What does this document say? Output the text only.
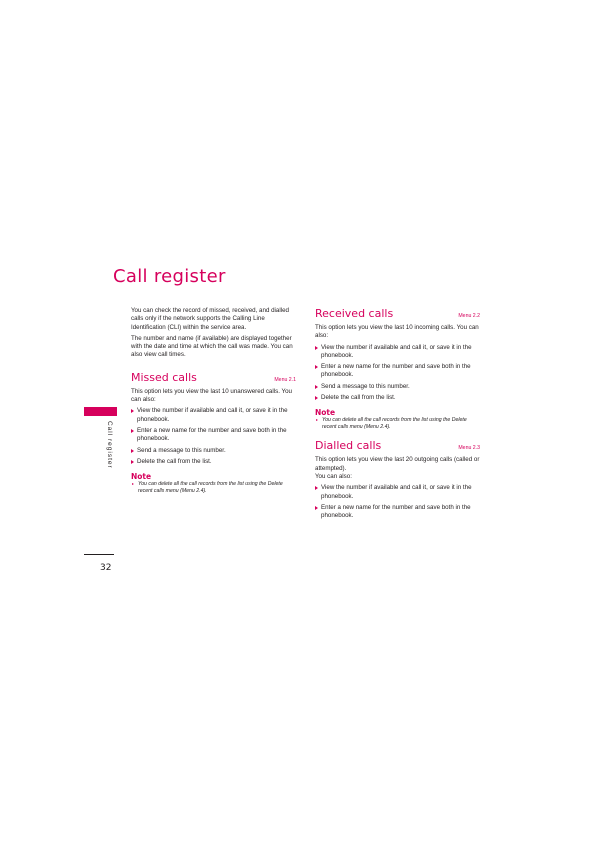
Call register
Call register
32

You can check the record of missed, received, and dialled calls only if the network supports the Calling Line Identification (CLI) within the service area.

The number and name (if available) are displayed together with the date and time at which the call was made. You can also view call times.

Missed calls	Menu 2.1

This option lets you view the last 10 unanswered calls. You can also:

View the number if available and call it, or save it in the phonebook.
Enter a new name for the number and save both in the phonebook.
Send a message to this number.
Delete the call from the list.

Note

You can delete all the call records from the list using the Delete recent calls menu (Menu 2.4).

Received calls	Menu 2.2

This option lets you view the last 10 incoming calls. You can also:

View the number if available and call it, or save it in the phonebook.
Enter a new name for the number and save both in the phonebook.
Send a message to this number.
Delete the call from the list.

Note

You can delete all the call records from the list using the Delete recent calls menu (Menu 2.4).

Dialled calls	Menu 2.3

This option lets you view the last 20 outgoing calls (called or attempted).

You can also:

View the number if available and call it, or save it in the phonebook.
Enter a new name for the number and save both in the phonebook.
